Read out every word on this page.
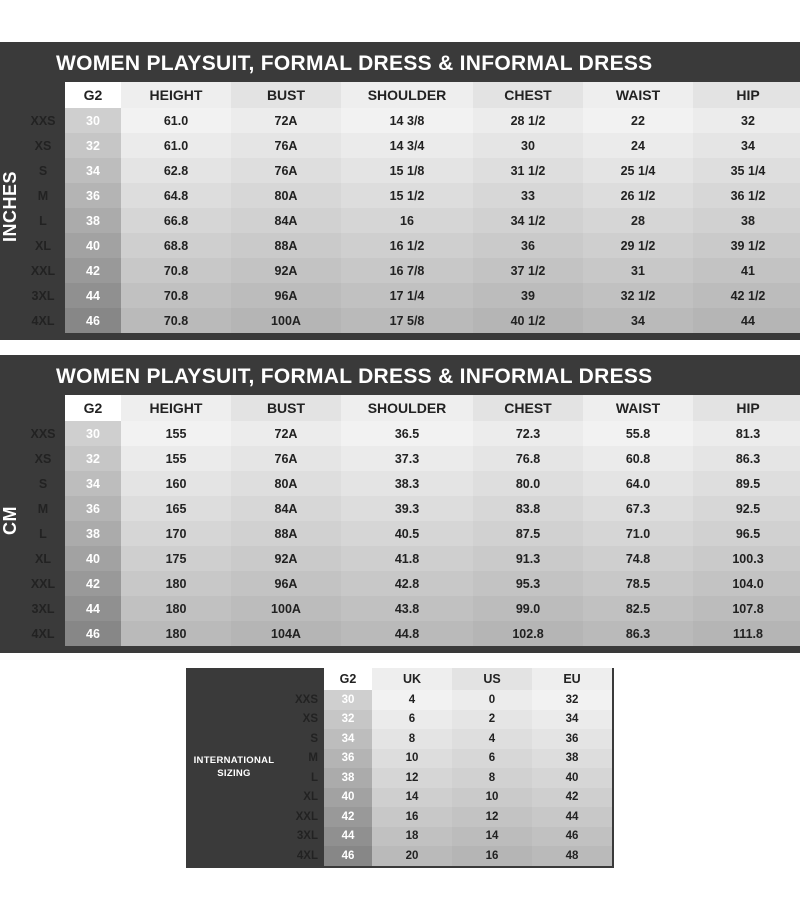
WOMEN PLAYSUIT, FORMAL DRESS & INFORMAL DRESS
INCHES
	G2	HEIGHT	BUST	SHOULDER	CHEST	WAIST	HIP
XXS	30	61.0	72A	14 3/8	28 1/2	22	32
XS	32	61.0	76A	14 3/4	30	24	34
S	34	62.8	76A	15 1/8	31 1/2	25 1/4	35 1/4
M	36	64.8	80A	15 1/2	33	26 1/2	36 1/2
L	38	66.8	84A	16	34 1/2	28	38
XL	40	68.8	88A	16 1/2	36	29 1/2	39 1/2
XXL	42	70.8	92A	16 7/8	37 1/2	31	41
3XL	44	70.8	96A	17 1/4	39	32 1/2	42 1/2
4XL	46	70.8	100A	17 5/8	40 1/2	34	44
WOMEN PLAYSUIT, FORMAL DRESS & INFORMAL DRESS
CM
	G2	HEIGHT	BUST	SHOULDER	CHEST	WAIST	HIP
XXS	30	155	72A	36.5	72.3	55.8	81.3
XS	32	155	76A	37.3	76.8	60.8	86.3
S	34	160	80A	38.3	80.0	64.0	89.5
M	36	165	84A	39.3	83.8	67.3	92.5
L	38	170	88A	40.5	87.5	71.0	96.5
XL	40	175	92A	41.8	91.3	74.8	100.3
XXL	42	180	96A	42.8	95.3	78.5	104.0
3XL	44	180	100A	43.8	99.0	82.5	107.8
4XL	46	180	104A	44.8	102.8	86.3	111.8
INTERNATIONAL
SIZING
	G2	UK	US	EU
XXS	30	4	0	32
XS	32	6	2	34
S	34	8	4	36
M	36	10	6	38
L	38	12	8	40
XL	40	14	10	42
XXL	42	16	12	44
3XL	44	18	14	46
4XL	46	20	16	48
